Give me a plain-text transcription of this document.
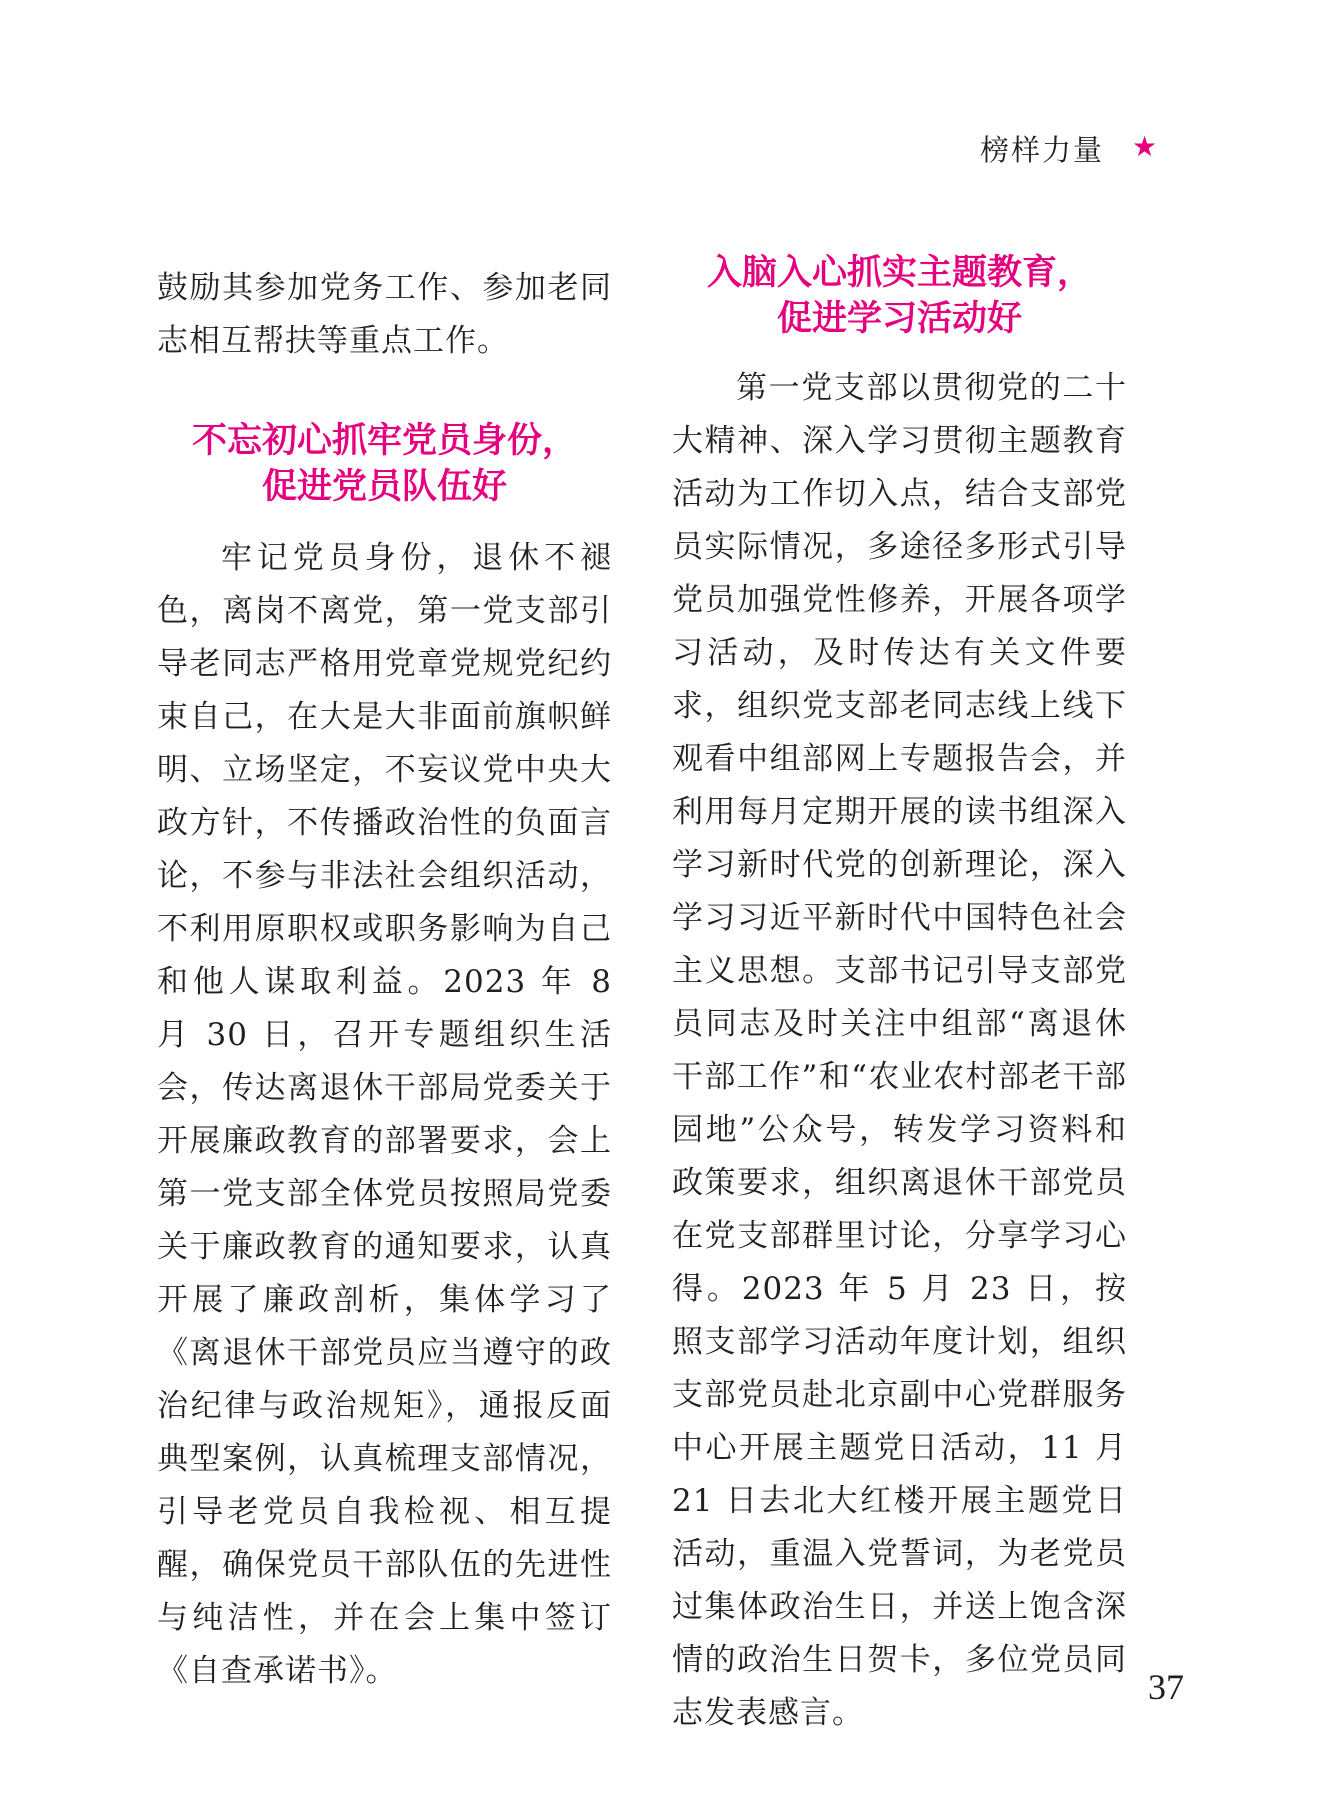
榜样力量 ★

鼓励其参加党务工作、参加老同志相互帮扶等重点工作。

不忘初心抓牢党员身份，
促进党员队伍好

牢记党员身份，退休不褪色，离岗不离党，第一党支部引导老同志严格用党章党规党纪约束自己，在大是大非面前旗帜鲜明、立场坚定，不妄议党中央大政方针，不传播政治性的负面言论，不参与非法社会组织活动，不利用原职权或职务影响为自己和他人谋取利益。2023 年 8 月 30 日，召开专题组织生活会，传达离退休干部局党委关于开展廉政教育的部署要求，会上第一党支部全体党员按照局党委关于廉政教育的通知要求，认真开展了廉政剖析，集体学习了《离退休干部党员应当遵守的政治纪律与政治规矩》，通报反面典型案例，认真梳理支部情况，引导老党员自我检视、相互提醒，确保党员干部队伍的先进性与纯洁性，并在会上集中签订《自查承诺书》。

入脑入心抓实主题教育，
促进学习活动好

第一党支部以贯彻党的二十大精神、深入学习贯彻主题教育活动为工作切入点，结合支部党员实际情况，多途径多形式引导党员加强党性修养，开展各项学习活动，及时传达有关文件要求，组织党支部老同志线上线下观看中组部网上专题报告会，并利用每月定期开展的读书组深入学习新时代党的创新理论，深入学习习近平新时代中国特色社会主义思想。支部书记引导支部党员同志及时关注中组部“离退休干部工作”和“农业农村部老干部园地”公众号，转发学习资料和政策要求，组织离退休干部党员在党支部群里讨论，分享学习心得。2023 年 5 月 23 日，按照支部学习活动年度计划，组织支部党员赴北京副中心党群服务中心开展主题党日活动，11 月 21 日去北大红楼开展主题党日活动，重温入党誓词，为老党员过集体政治生日，并送上饱含深情的政治生日贺卡，多位党员同志发表感言。

37
